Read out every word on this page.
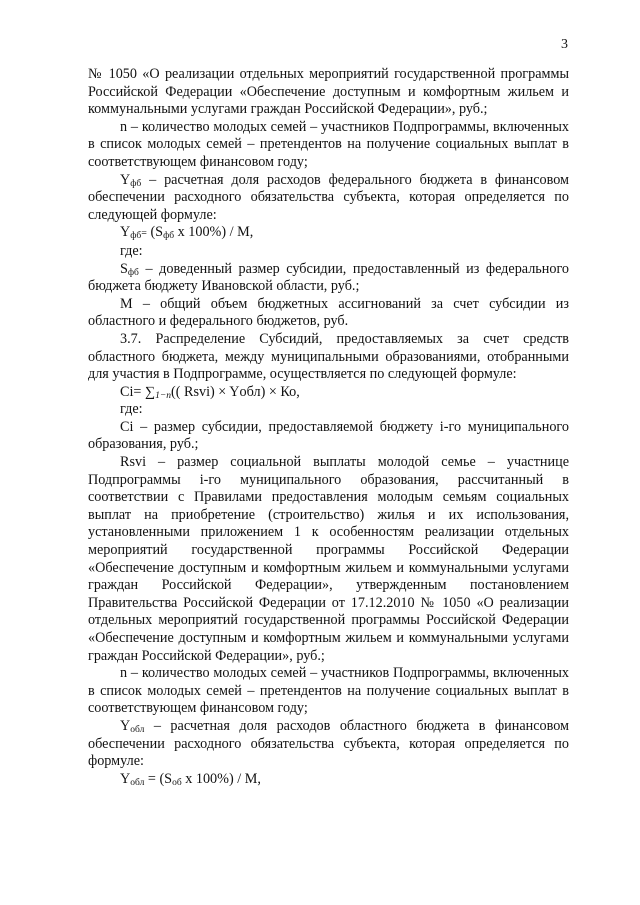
3

№ 1050 «О реализации отдельных мероприятий государственной программы Российской Федерации «Обеспечение доступным и комфортным жильем и коммунальными услугами граждан Российской Федерации», руб.;

n – количество молодых семей – участников Подпрограммы, включенных в список молодых семей – претендентов на получение социальных выплат в соответствующем финансовом году;

$Y_{фб}$ – расчетная доля расходов федерального бюджета в финансовом обеспечении расходного обязательства субъекта, которая определяется по следующей формуле:

$Y_{фб}= (S_{фб}$ x 100%) / М,

где:

$S_{фб}$ – доведенный размер субсидии, предоставленный из федерального бюджета бюджету Ивановской области, руб.;

М – общий объем бюджетных ассигнований за счет субсидии из областного и федерального бюджетов, руб.

3.7. Распределение Субсидий, предоставляемых за счет средств областного бюджета, между муниципальными образованиями, отобранными для участия в Подпрограмме, осуществляется по следующей формуле:

$Ci= \sum_{1-n}$(( Rsvi) × Yобл) × Ко,

где:

Ci – размер субсидии, предоставляемой бюджету i-го муниципального образования, руб.;

Rsvi – размер социальной выплаты молодой семье – участнице Подпрограммы i-го муниципального образования, рассчитанный в соответствии с Правилами предоставления молодым семьям социальных выплат на приобретение (строительство) жилья и их использования, установленными приложением 1 к особенностям реализации отдельных мероприятий государственной программы Российской Федерации «Обеспечение доступным и комфортным жильем и коммунальными услугами граждан Российской Федерации», утвержденным постановлением Правительства Российской Федерации от 17.12.2010 № 1050 «О реализации отдельных мероприятий государственной программы Российской Федерации «Обеспечение доступным и комфортным жильем и коммунальными услугами граждан Российской Федерации», руб.;

n – количество молодых семей – участников Подпрограммы, включенных в список молодых семей – претендентов на получение социальных выплат в соответствующем финансовом году;

$Y_{обл}$ – расчетная доля расходов областного бюджета в финансовом обеспечении расходного обязательства субъекта, которая определяется по формуле:

$Y_{обл} = (S_{об}$ x 100%) / М,
